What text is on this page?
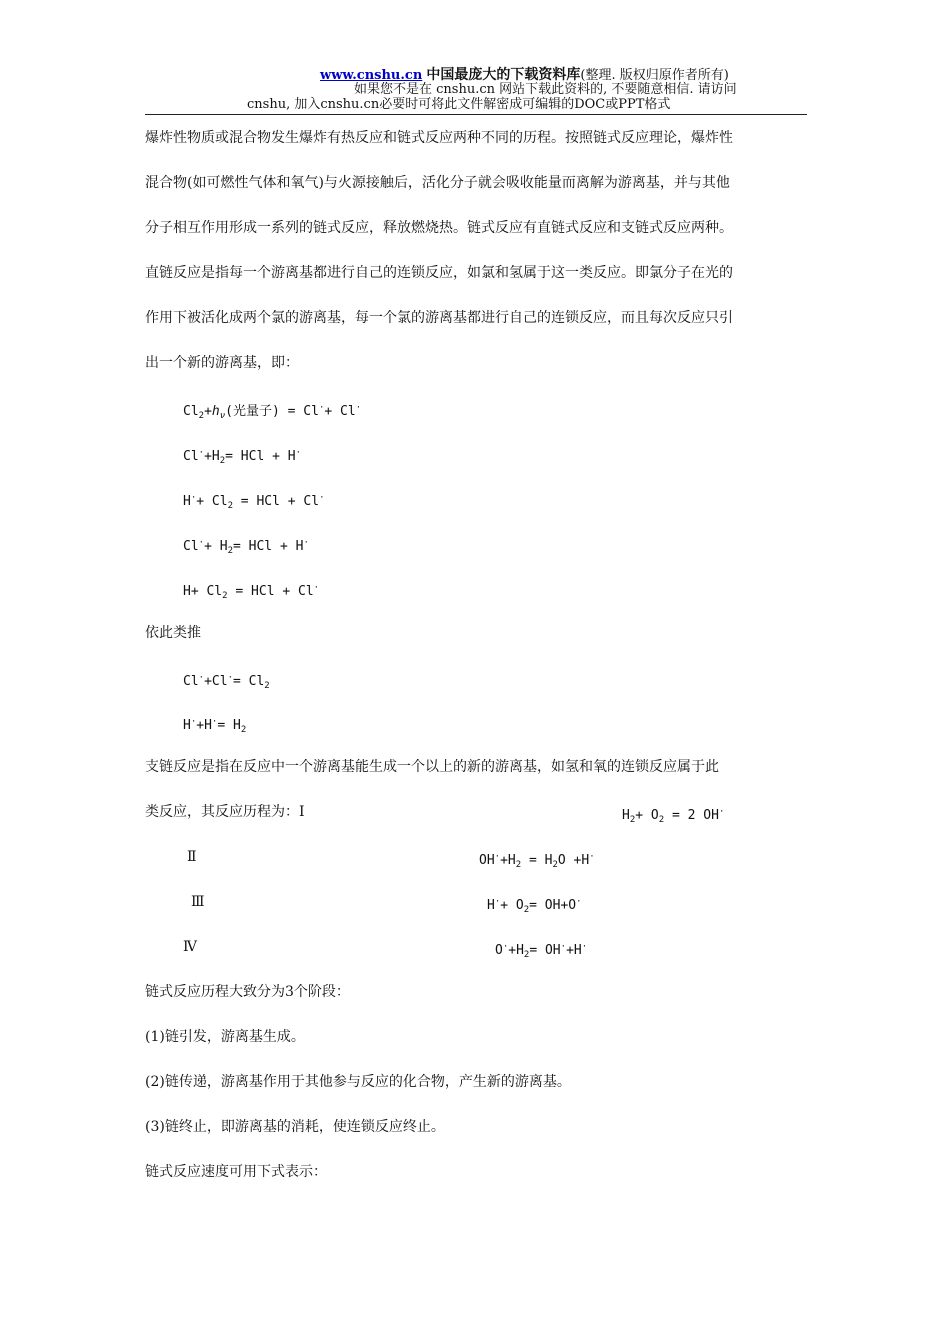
www.cnshu.cn 中国最庞大的下载资料库(整理. 版权归原作者所有)
如果您不是在 cnshu.cn 网站下载此资料的, 不要随意相信. 请访问
cnshu, 加入cnshu.cn必要时可将此文件解密成可编辑的DOC或PPT格式
爆炸性物质或混合物发生爆炸有热反应和链式反应两种不同的历程。按照链式反应理论，爆炸性
混合物(如可燃性气体和氧气)与火源接触后，活化分子就会吸收能量而离解为游离基，并与其他
分子相互作用形成一系列的链式反应，释放燃烧热。链式反应有直链式反应和支链式反应两种。
直链反应是指每一个游离基都进行自己的连锁反应，如氯和氢属于这一类反应。即氯分子在光的
作用下被活化成两个氯的游离基，每一个氯的游离基都进行自己的连锁反应，而且每次反应只引
出一个新的游离基，即：
$Cl_2+h_\nu$(光量子) = Cl·+ Cl·
$Cl^\cdot+H_2=$ HCl + H·
$H^\cdot+ Cl_2$ = HCl + Cl·
$Cl^\cdot+ H_2=$ HCl + H·
$H+ Cl_2$ = HCl + Cl·
依此类推
$Cl^\cdot+Cl^\cdot= Cl_2$
$H^\cdot+H^\cdot= H_2$
支链反应是指在反应中一个游离基能生成一个以上的新的游离基，如氢和氧的连锁反应属于此
类反应，其反应历程为：Ⅰ	$H_2+ O_2 = 2$ OH·
Ⅱ	$OH^\cdot+H_2 = H_2O +H^\cdot$
Ⅲ	$H^\cdot+ O_2= OH+O^\cdot$
Ⅳ	$O^\cdot+H_2= OH^\cdot+H^\cdot$
链式反应历程大致分为3个阶段：
(1)链引发，游离基生成。
(2)链传递，游离基作用于其他参与反应的化合物，产生新的游离基。
(3)链终止，即游离基的消耗，使连锁反应终止。
链式反应速度可用下式表示：
